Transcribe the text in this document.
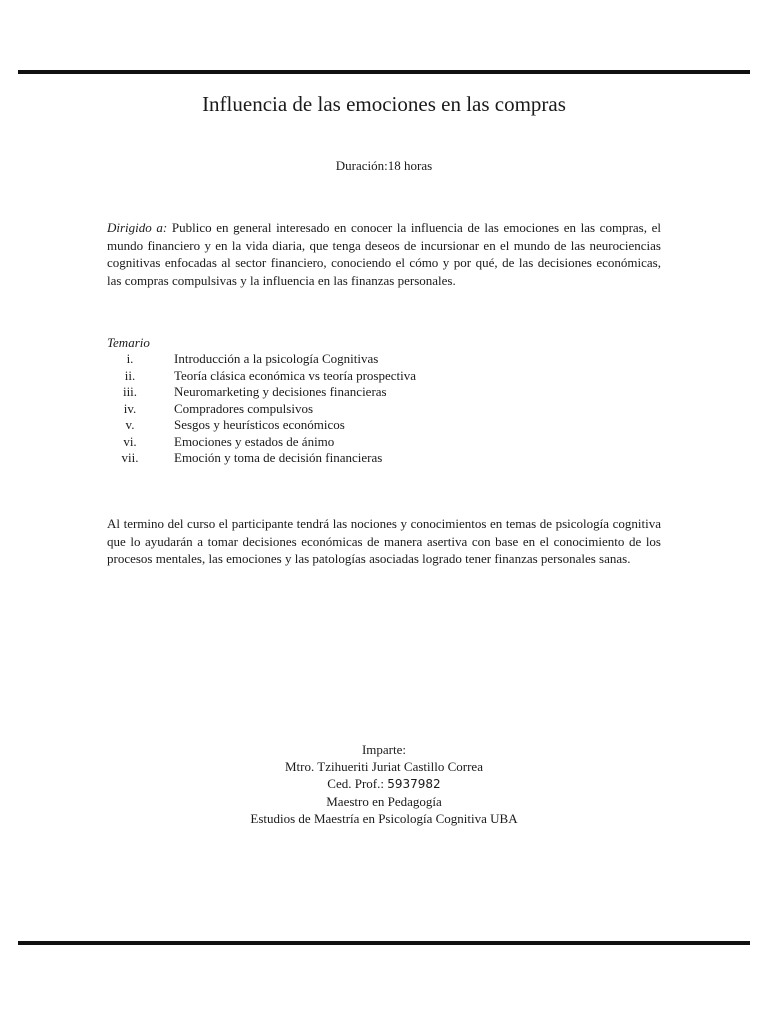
Influencia de las emociones en las compras
Duración:18 horas

Dirigido a: Publico en general interesado en conocer la influencia de las emociones en las compras, el mundo financiero y en la vida diaria, que tenga deseos de incursionar en el mundo de las neurociencias cognitivas enfocadas al sector financiero, conociendo el cómo y por qué, de las decisiones económicas, las compras compulsivas y la influencia en las finanzas personales.

Temario
i.	Introducción a la psicología Cognitivas
ii.	Teoría clásica económica vs teoría prospectiva
iii.	Neuromarketing y decisiones financieras
iv.	Compradores compulsivos
v.	Sesgos y heurísticos económicos
vi.	Emociones y estados de ánimo
vii.	Emoción y toma de decisión financieras

Al termino del curso el participante tendrá las nociones y conocimientos en temas de psicología cognitiva que lo ayudarán a tomar decisiones económicas de manera asertiva con base en el conocimiento de los procesos mentales, las emociones y las patologías asociadas logrado tener finanzas personales sanas.

Imparte:
Mtro. Tzihueriti Juriat Castillo Correa
Ced. Prof.: 5937982
Maestro en Pedagogía
Estudios de Maestría en Psicología Cognitiva UBA
